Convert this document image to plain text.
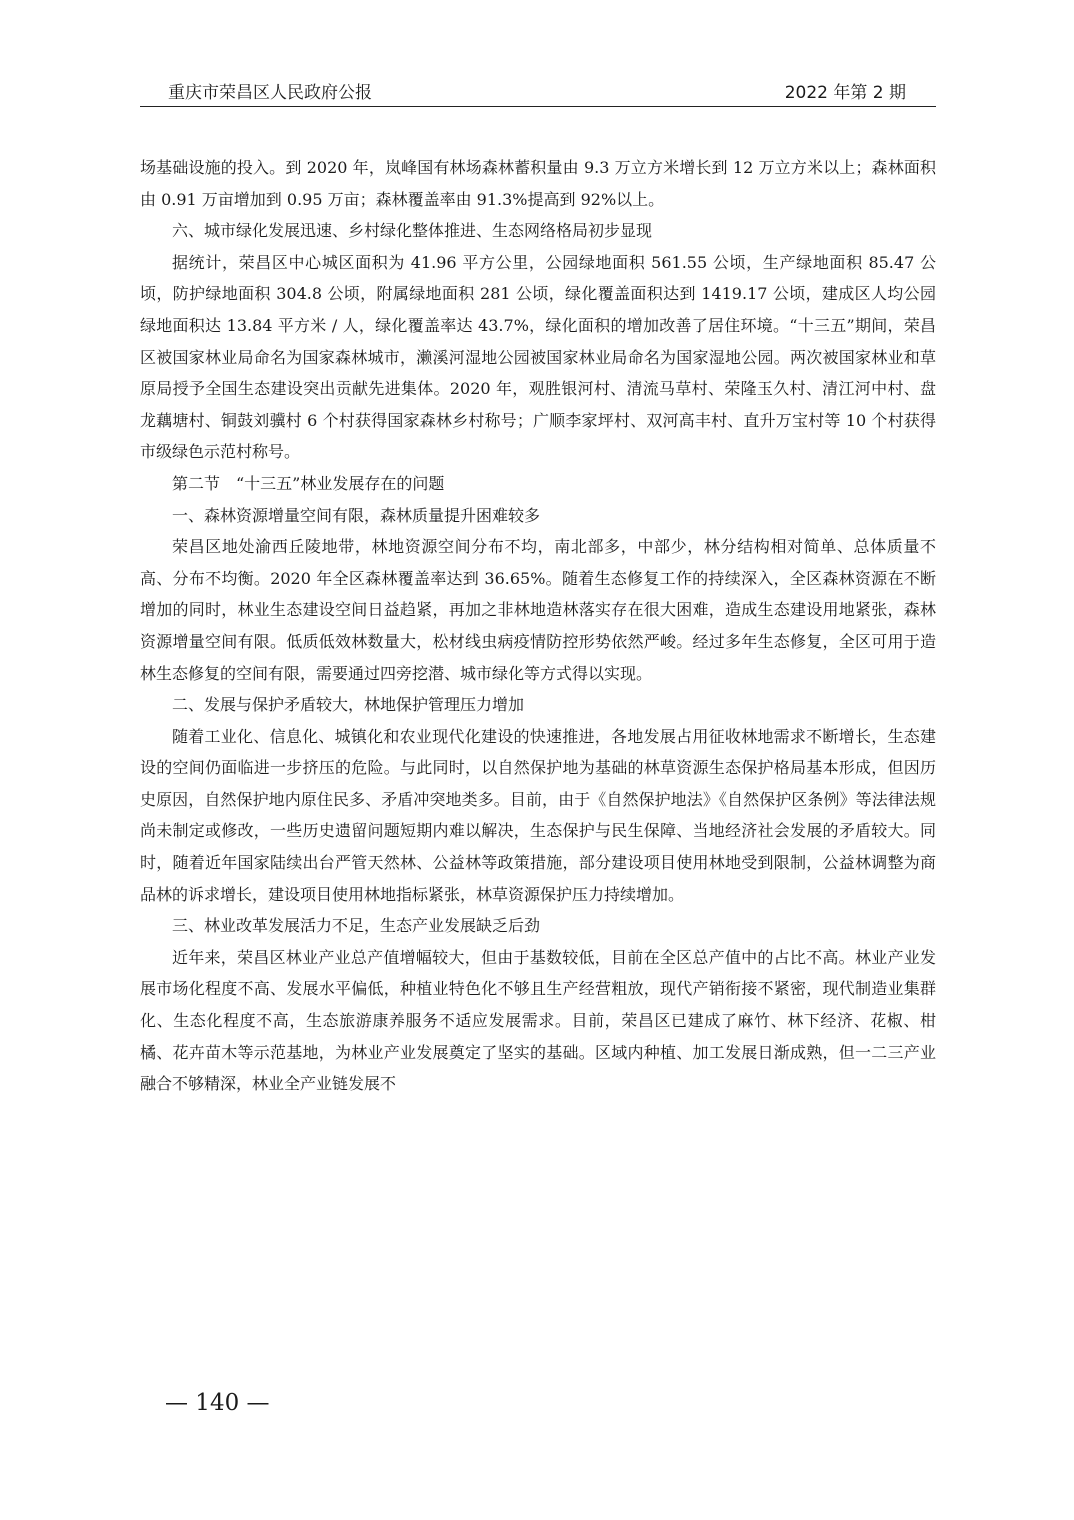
重庆市荣昌区人民政府公报	2022 年第 2 期

场基础设施的投入。到 2020 年，岚峰国有林场森林蓄积量由 9.3 万立方米增长到 12 万立方米以上；森林面积由 0.91 万亩增加到 0.95 万亩；森林覆盖率由 91.3%提高到 92%以上。

六、城市绿化发展迅速、乡村绿化整体推进、生态网络格局初步显现

据统计，荣昌区中心城区面积为 41.96 平方公里，公园绿地面积 561.55 公顷，生产绿地面积 85.47 公顷，防护绿地面积 304.8 公顷，附属绿地面积 281 公顷，绿化覆盖面积达到 1419.17 公顷，建成区人均公园绿地面积达 13.84 平方米 / 人，绿化覆盖率达 43.7%，绿化面积的增加改善了居住环境。“十三五”期间，荣昌区被国家林业局命名为国家森林城市，濑溪河湿地公园被国家林业局命名为国家湿地公园。两次被国家林业和草原局授予全国生态建设突出贡献先进集体。2020 年，观胜银河村、清流马草村、荣隆玉久村、清江河中村、盘龙藕塘村、铜鼓刘骥村 6 个村获得国家森林乡村称号；广顺李家坪村、双河高丰村、直升万宝村等 10 个村获得市级绿色示范村称号。

第二节　“十三五”林业发展存在的问题

一、森林资源增量空间有限，森林质量提升困难较多

荣昌区地处渝西丘陵地带，林地资源空间分布不均，南北部多，中部少，林分结构相对简单、总体质量不高、分布不均衡。2020 年全区森林覆盖率达到 36.65%。随着生态修复工作的持续深入，全区森林资源在不断增加的同时，林业生态建设空间日益趋紧，再加之非林地造林落实存在很大困难，造成生态建设用地紧张，森林资源增量空间有限。低质低效林数量大，松材线虫病疫情防控形势依然严峻。经过多年生态修复，全区可用于造林生态修复的空间有限，需要通过四旁挖潜、城市绿化等方式得以实现。

二、发展与保护矛盾较大，林地保护管理压力增加

随着工业化、信息化、城镇化和农业现代化建设的快速推进，各地发展占用征收林地需求不断增长，生态建设的空间仍面临进一步挤压的危险。与此同时，以自然保护地为基础的林草资源生态保护格局基本形成，但因历史原因，自然保护地内原住民多、矛盾冲突地类多。目前，由于《自然保护地法》《自然保护区条例》等法律法规尚未制定或修改，一些历史遗留问题短期内难以解决，生态保护与民生保障、当地经济社会发展的矛盾较大。同时，随着近年国家陆续出台严管天然林、公益林等政策措施，部分建设项目使用林地受到限制，公益林调整为商品林的诉求增长，建设项目使用林地指标紧张，林草资源保护压力持续增加。

三、林业改革发展活力不足，生态产业发展缺乏后劲

近年来，荣昌区林业产业总产值增幅较大，但由于基数较低，目前在全区总产值中的占比不高。林业产业发展市场化程度不高、发展水平偏低，种植业特色化不够且生产经营粗放，现代产销衔接不紧密，现代制造业集群化、生态化程度不高，生态旅游康养服务不适应发展需求。目前，荣昌区已建成了麻竹、林下经济、花椒、柑橘、花卉苗木等示范基地，为林业产业发展奠定了坚实的基础。区域内种植、加工发展日渐成熟，但一二三产业融合不够精深，林业全产业链发展不

— 140 —
